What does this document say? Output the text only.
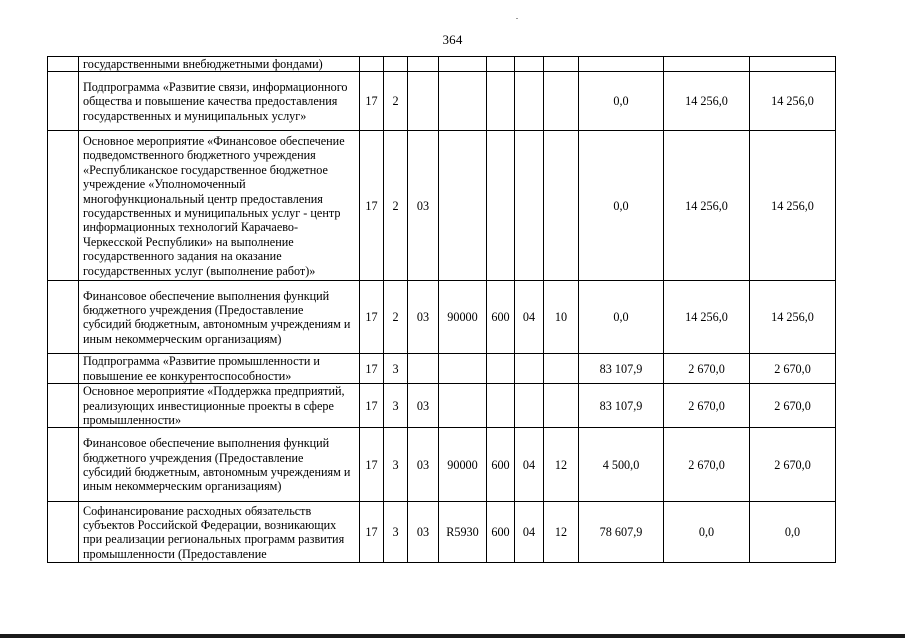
364
	государственными внебюджетными фондами)										
	Подпрограмма «Развитие связи, информационного общества и повышение качества предоставления государственных и муниципальных услуг»	17	2						0,0	14 256,0	14 256,0
	Основное мероприятие «Финансовое обеспечение подведомственного бюджетного учреждения «Республиканское государственное бюджетное учреждение «Уполномоченный многофункциональный центр предоставления государственных и муниципальных услуг - центр информационных технологий Карачаево-Черкесской Республики» на выполнение государственного задания на оказание государственных услуг (выполнение работ)»	17	2	03					0,0	14 256,0	14 256,0
	Финансовое обеспечение выполнения функций бюджетного учреждения (Предоставление субсидий бюджетным, автономным учреждениям и иным некоммерческим организациям)	17	2	03	90000	600	04	10	0,0	14 256,0	14 256,0
	Подпрограмма «Развитие промышленности и повышение ее конкурентоспособности»	17	3						83 107,9	2 670,0	2 670,0
	Основное мероприятие «Поддержка предприятий, реализующих инвестиционные проекты в сфере промышленности»	17	3	03					83 107,9	2 670,0	2 670,0
	Финансовое обеспечение выполнения функций бюджетного учреждения (Предоставление субсидий бюджетным, автономным учреждениям и иным некоммерческим организациям)	17	3	03	90000	600	04	12	4 500,0	2 670,0	2 670,0
	Софинансирование расходных обязательств субъектов Российской Федерации, возникающих при реализации региональных программ развития промышленности (Предоставление	17	3	03	R5930	600	04	12	78 607,9	0,0	0,0
